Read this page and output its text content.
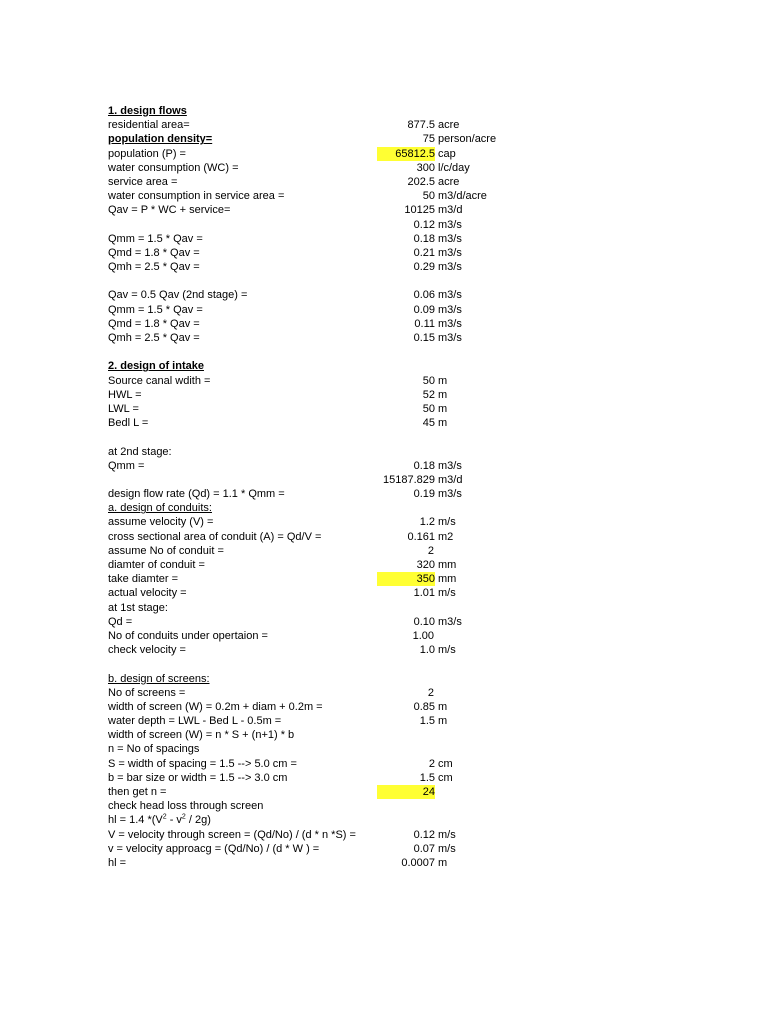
1. design flows
residential area=	877.5 acre
population density=	75 person/acre
population (P) =	65812.5 cap
water consumption (WC) =	300 l/c/day
service area =	202.5 acre
water consumption in service area =	50 m3/d/acre
Qav = P * WC + service=	10125 m3/d
0.12 m3/s
Qmm = 1.5 * Qav =	0.18 m3/s
Qmd = 1.8 * Qav =	0.21 m3/s
Qmh = 2.5 * Qav =	0.29 m3/s
Qav = 0.5 Qav (2nd stage) =	0.06 m3/s
Qmm = 1.5 * Qav =	0.09 m3/s
Qmd = 1.8 * Qav =	0.11 m3/s
Qmh = 2.5 * Qav =	0.15 m3/s
2. design of intake
Source canal wdith =	50 m
HWL =	52 m
LWL =	50 m
Bedl L =	45 m
at 2nd stage:
Qmm =	0.18 m3/s
15187.829 m3/d
design flow rate (Qd) = 1.1 * Qmm =	0.19 m3/s
a. design of conduits:
assume velocity (V) =	1.2 m/s
cross sectional area of conduit (A) = Qd/V =	0.161 m2
assume No of conduit =	2
diamter of conduit =	320 mm
take diamter =	350 mm
actual velocity =	1.01 m/s
at 1st stage:
Qd =	0.10 m3/s
No of conduits under opertaion =	1.00
check velocity =	1.0 m/s
b. design of screens:
No of screens =	2
width of screen (W) = 0.2m + diam + 0.2m =	0.85 m
water depth = LWL - Bed L - 0.5m =	1.5 m
width of screen (W) = n * S + (n+1) * b
n = No of spacings
S = width of spacing = 1.5 --> 5.0 cm =	2 cm
b = bar size or width = 1.5 --> 3.0 cm	1.5 cm
then get n =	24
check head loss through screen
hl = 1.4 $*(V^2 - v^2 / 2g)$
V = velocity through screen = (Qd/No) / (d * n *S) =	0.12 m/s
v = velocity approacg = (Qd/No) / (d * W ) =	0.07 m/s
hl =	0.0007 m
